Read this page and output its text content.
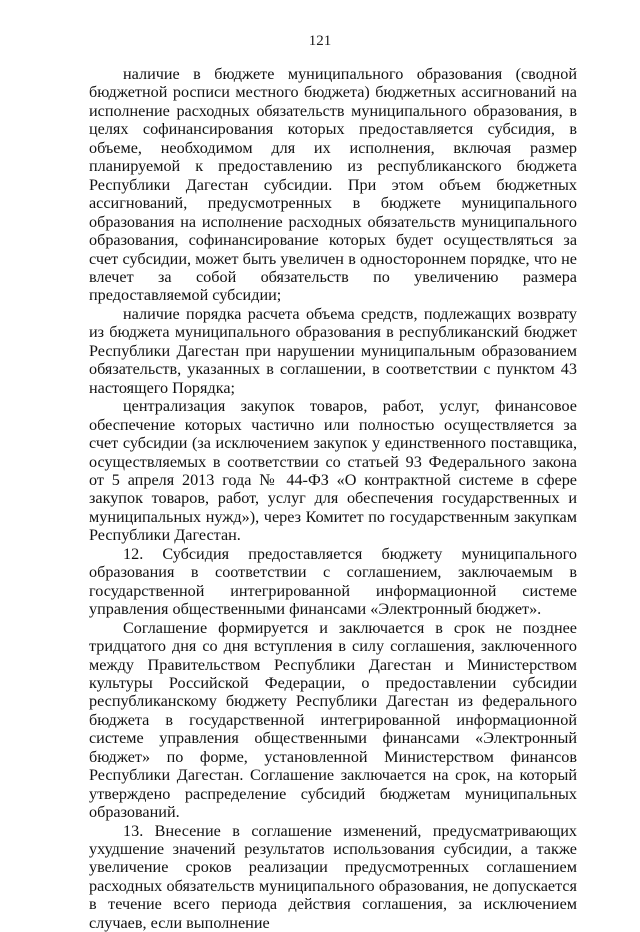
121

наличие в бюджете муниципального образования (сводной бюджетной росписи местного бюджета) бюджетных ассигнований на исполнение расходных обязательств муниципального образования, в целях софинансирования которых предоставляется субсидия, в объеме, необходимом для их исполнения, включая размер планируемой к предоставлению из республиканского бюджета Республики Дагестан субсидии. При этом объем бюджетных ассигнований, предусмотренных в бюджете муниципального образования на исполнение расходных обязательств муниципального образования, софинансирование которых будет осуществляться за счет субсидии, может быть увеличен в одностороннем порядке, что не влечет за собой обязательств по увеличению размера предоставляемой субсидии;

наличие порядка расчета объема средств, подлежащих возврату из бюджета муниципального образования в республиканский бюджет Республики Дагестан при нарушении муниципальным образованием обязательств, указанных в соглашении, в соответствии с пунктом 43 настоящего Порядка;

централизация закупок товаров, работ, услуг, финансовое обеспечение которых частично или полностью осуществляется за счет субсидии (за исключением закупок у единственного поставщика, осуществляемых в соответствии со статьей 93 Федерального закона от 5 апреля 2013 года № 44-ФЗ «О контрактной системе в сфере закупок товаров, работ, услуг для обеспечения государственных и муниципальных нужд»), через Комитет по государственным закупкам Республики Дагестан.

12. Субсидия предоставляется бюджету муниципального образования в соответствии с соглашением, заключаемым в государственной интегрированной информационной системе управления общественными финансами «Электронный бюджет».

Соглашение формируется и заключается в срок не позднее тридцатого дня со дня вступления в силу соглашения, заключенного между Правительством Республики Дагестан и Министерством культуры Российской Федерации, о предоставлении субсидии республиканскому бюджету Республики Дагестан из федерального бюджета в государственной интегрированной информационной системе управления общественными финансами «Электронный бюджет» по форме, установленной Министерством финансов Республики Дагестан. Соглашение заключается на срок, на который утверждено распределение субсидий бюджетам муниципальных образований.

13. Внесение в соглашение изменений, предусматривающих ухудшение значений результатов использования субсидии, а также увеличение сроков реализации предусмотренных соглашением расходных обязательств муниципального образования, не допускается в течение всего периода действия соглашения, за исключением случаев, если выполнение
